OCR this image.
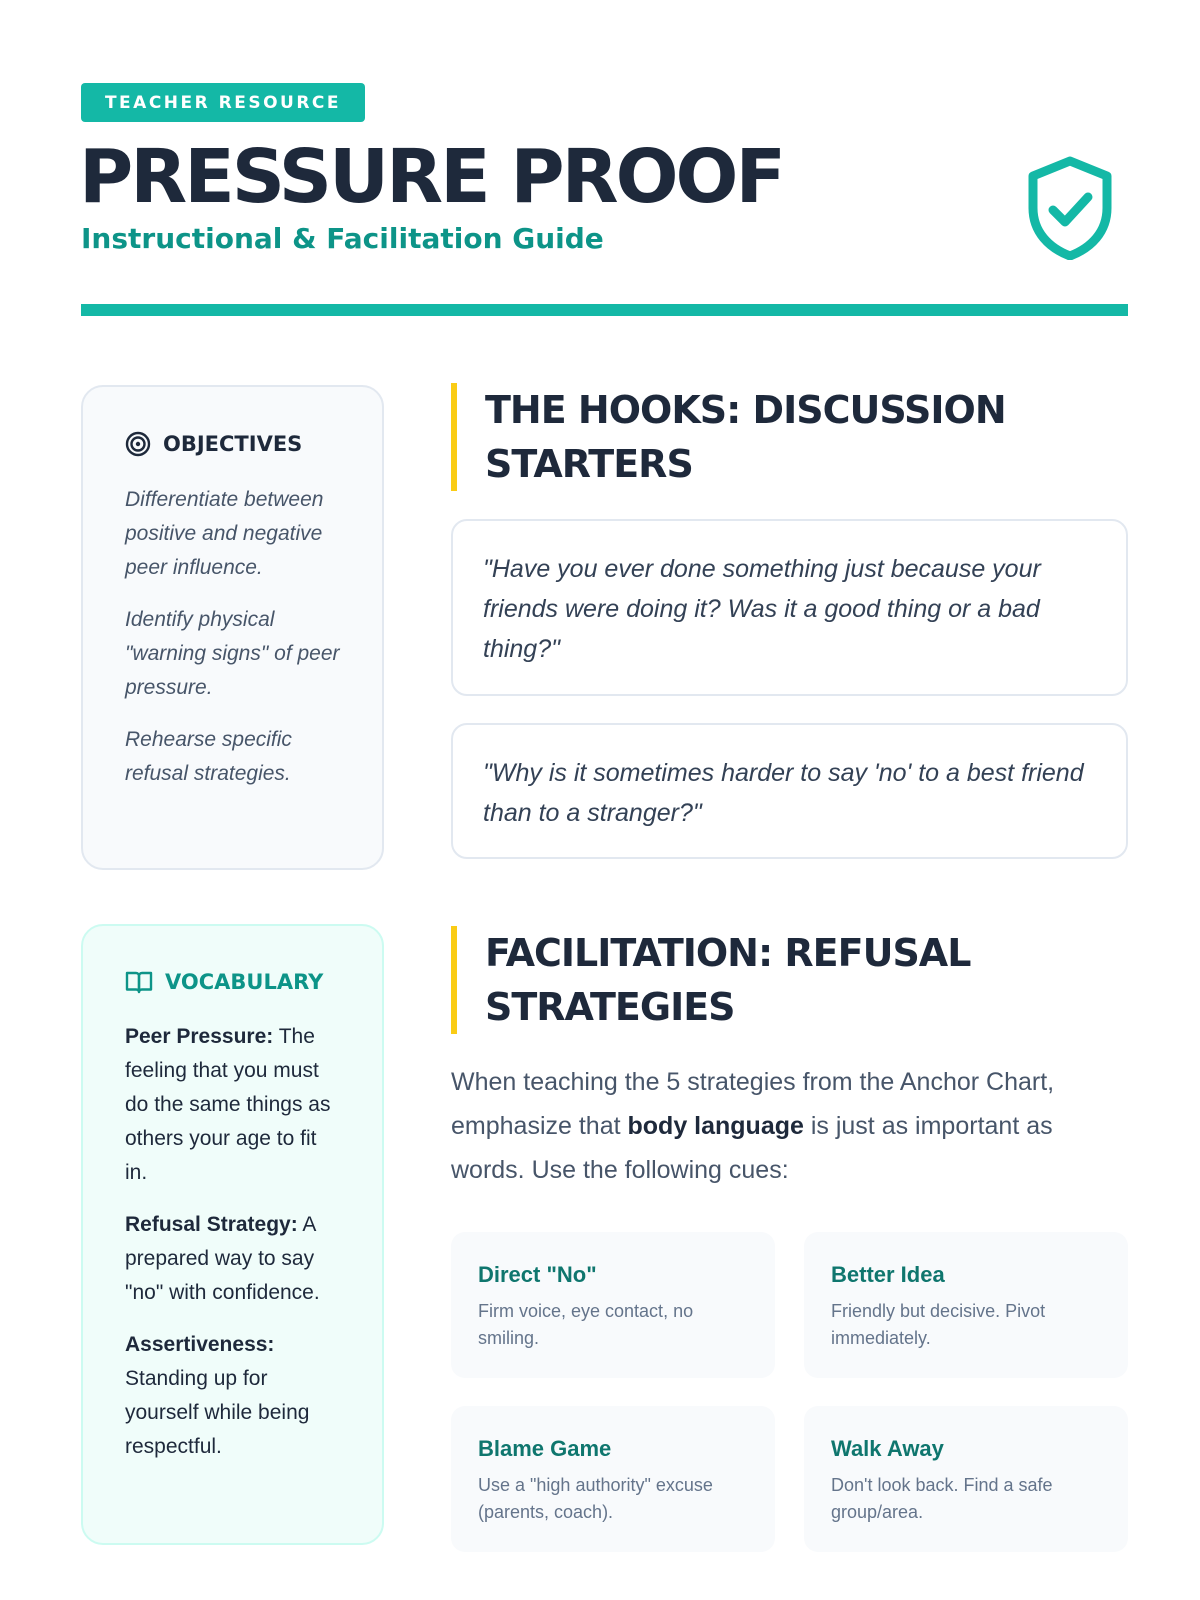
TEACHER RESOURCE
PRESSURE PROOF
Instructional & Facilitation Guide
OBJECTIVES

Differentiate between positive and negative peer influence.

Identify physical "warning signs" of peer pressure.

Rehearse specific refusal strategies.

VOCABULARY

Peer Pressure: The feeling that you must do the same things as others your age to fit in.

Refusal Strategy: A prepared way to say "no" with confidence.

Assertiveness: Standing up for yourself while being respectful.

THE HOOKS: DISCUSSION STARTERS
"Have you ever done something just because your friends were doing it? Was it a good thing or a bad thing?"
"Why is it sometimes harder to say 'no' to a best friend than to a stranger?"
FACILITATION: REFUSAL STRATEGIES

When teaching the 5 strategies from the Anchor Chart, emphasize that body language is just as important as words. Use the following cues:

Direct "No"
Firm voice, eye contact, no smiling.
Better Idea
Friendly but decisive. Pivot immediately.
Blame Game
Use a "high authority" excuse (parents, coach).
Walk Away
Don't look back. Find a safe group/area.
